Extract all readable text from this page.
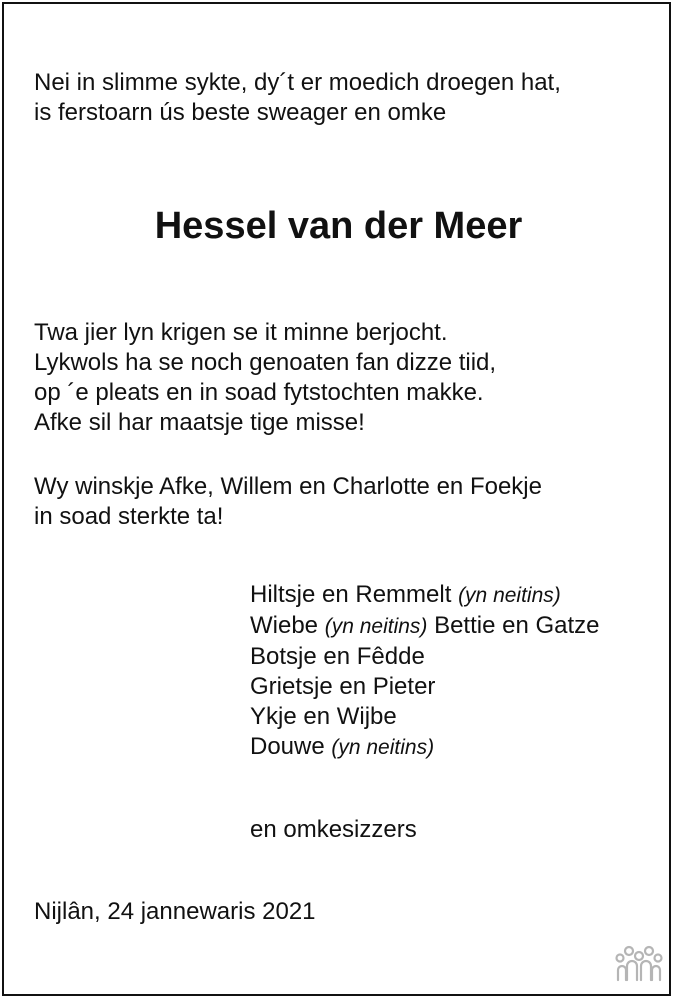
Nei in slimme sykte, dy´t er moedich droegen hat,
is ferstoarn ús beste sweager en omke
Hessel van der Meer
Twa jier lyn krigen se it minne berjocht.
Lykwols ha se noch genoaten fan dizze tiid,
op ´e pleats en in soad fytstochten makke.
Afke sil har maatsje tige misse!
Wy winskje Afke, Willem en Charlotte en Foekje
in soad sterkte ta!
Hiltsje en Remmelt (yn neitins)
Wiebe (yn neitins) Bettie en Gatze
Botsje en Fêdde
Grietsje en Pieter
Ykje en Wijbe
Douwe (yn neitins)
en omkesizzers
Nijlân, 24 jannewaris 2021
